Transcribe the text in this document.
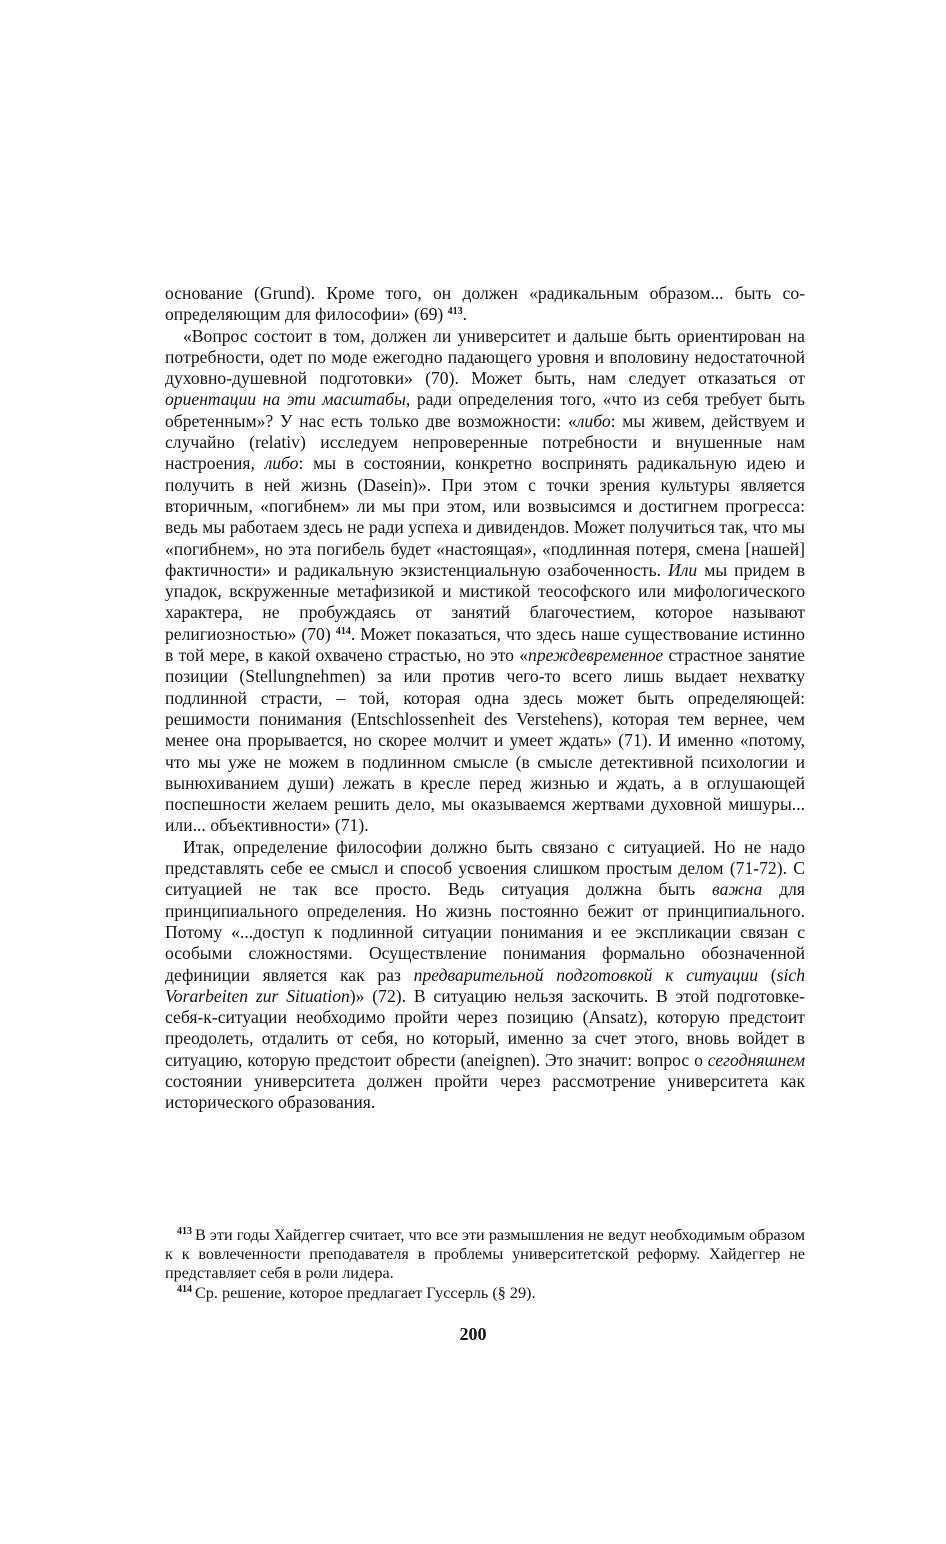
основание (Grund). Кроме того, он должен «радикальным образом... быть со-определяющим для философии» (69) $^{413}$.

«Вопрос состоит в том, должен ли университет и дальше быть ориентирован на потребности, одет по моде ежегодно падающего уровня и вполовину недостаточной духовно-душевной подготовки» (70). Может быть, нам следует отказаться от ориентации на эти масштабы, ради определения того, «что из себя требует быть обретенным»? У нас есть только две возможности: «либо: мы живем, действуем и случайно (relativ) исследуем непроверенные потребности и внушенные нам настроения, либо: мы в состоянии, конкретно воспринять радикальную идею и получить в ней жизнь (Dasein)». При этом с точки зрения культуры является вторичным, «погибнем» ли мы при этом, или возвысимся и достигнем прогресса: ведь мы работаем здесь не ради успеха и дивидендов. Может получиться так, что мы «погибнем», но эта погибель будет «настоящая», «подлинная потеря, смена [нашей] фактичности» и радикальную экзистенциальную озабоченность. Или мы придем в упадок, вскруженные метафизикой и мистикой теософского или мифологического характера, не пробуждаясь от занятий благочестием, которое называют религиозностью» (70) $^{414}$. Может показаться, что здесь наше существование истинно в той мере, в какой охвачено страстью, но это «преждевременное страстное занятие позиции (Stellungnehmen) за или против чего-то всего лишь выдает нехватку подлинной страсти, – той, которая одна здесь может быть определяющей: решимости понимания (Entschlossenheit des Verstehens), которая тем вернее, чем менее она прорывается, но скорее молчит и умеет ждать» (71). И именно «потому, что мы уже не можем в подлинном смысле (в смысле детективной психологии и вынюхиванием души) лежать в кресле перед жизнью и ждать, а в оглушающей поспешности желаем решить дело, мы оказываемся жертвами духовной мишуры... или... объективности» (71).

Итак, определение философии должно быть связано с ситуацией. Но не надо представлять себе ее смысл и способ усвоения слишком простым делом (71-72). С ситуацией не так все просто. Ведь ситуация должна быть важна для принципиального определения. Но жизнь постоянно бежит от принципиального. Потому «...доступ к подлинной ситуации понимания и ее экспликации связан с особыми сложностями. Осуществление понимания формально обозначенной дефиниции является как раз предварительной подготовкой к ситуации (sich Vorarbeiten zur Situation)» (72). В ситуацию нельзя заскочить. В этой подготовке-себя-к-ситуации необходимо пройти через позицию (Ansatz), которую предстоит преодолеть, отдалить от себя, но который, именно за счет этого, вновь войдет в ситуацию, которую предстоит обрести (aneignen). Это значит: вопрос о сегодняшнем состоянии университета должен пройти через рассмотрение университета как исторического образования.

$^{413}$ В эти годы Хайдеггер считает, что все эти размышления не ведут необходимым образом к к вовлеченности преподавателя в проблемы университетской реформу. Хайдеггер не представляет себя в роли лидера.

$^{414}$ Ср. решение, которое предлагает Гуссерль (§ 29).

200
